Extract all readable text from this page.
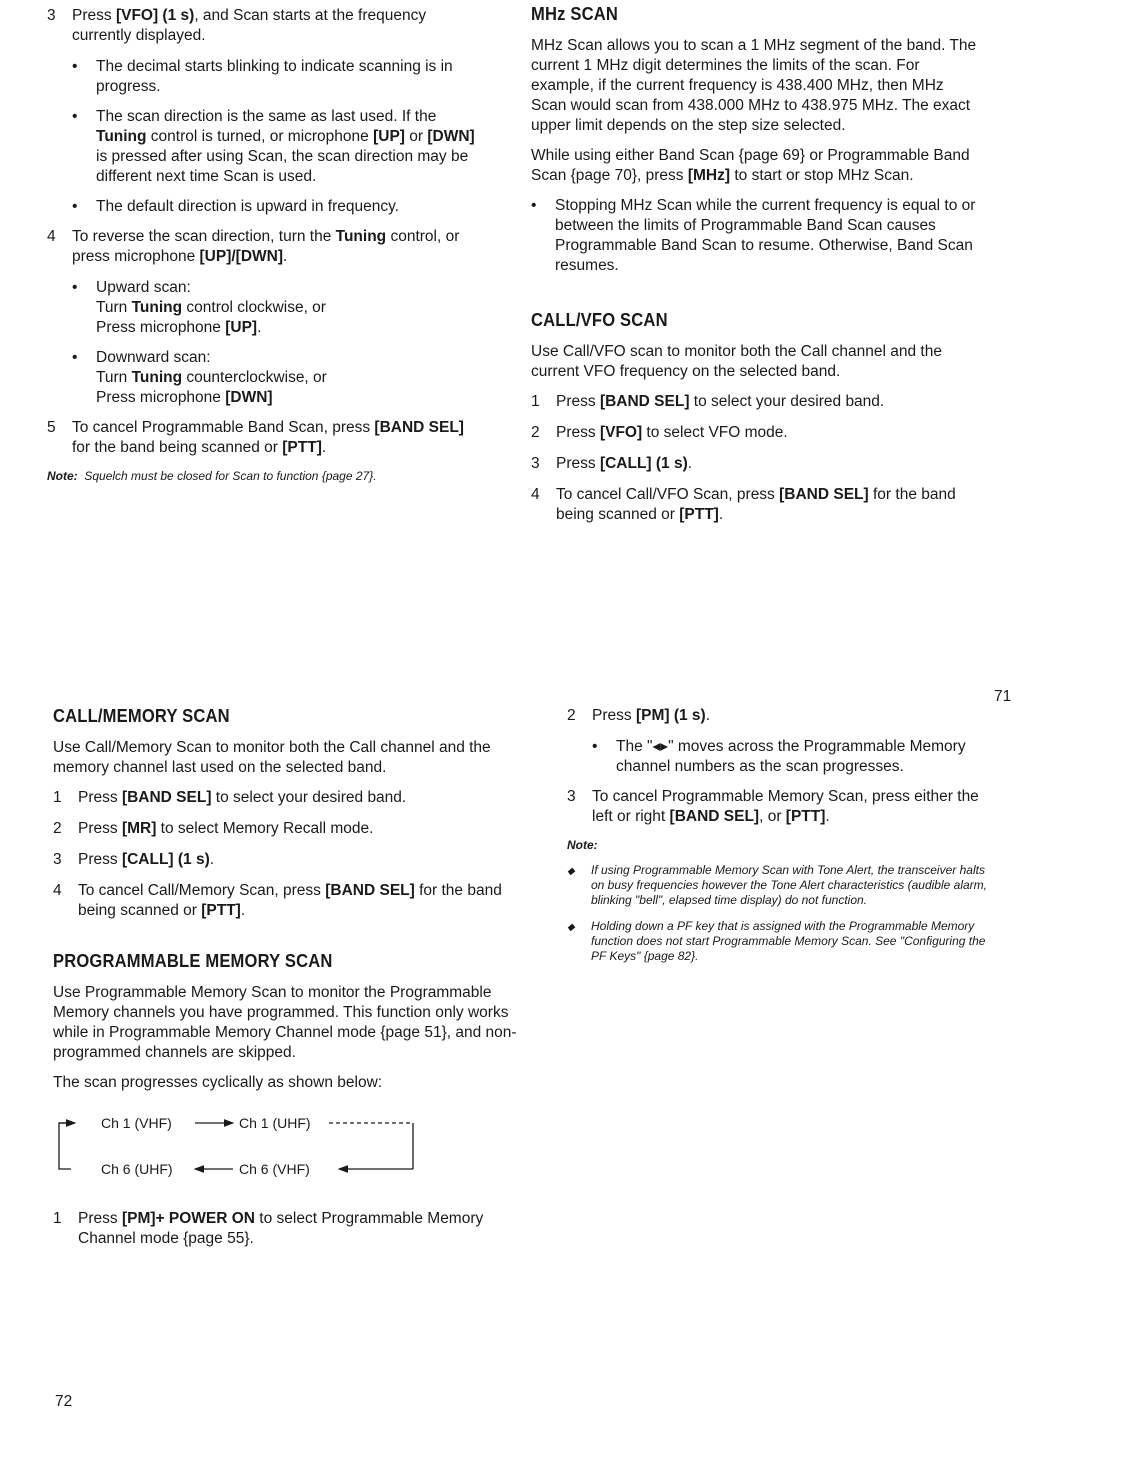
3	Press [VFO] (1 s), and Scan starts at the frequency currently displayed.
•	The decimal starts blinking to indicate scanning is in progress.
•	The scan direction is the same as last used. If the Tuning control is turned, or microphone [UP] or [DWN] is pressed after using Scan, the scan direction may be different next time Scan is used.
•	The default direction is upward in frequency.
4	To reverse the scan direction, turn the Tuning control, or press microphone [UP]/[DWN].
•	Upward scan:
Turn Tuning control clockwise, or
Press microphone [UP].
•	Downward scan:
Turn Tuning counterclockwise, or
Press microphone [DWN]
5	To cancel Programmable Band Scan, press [BAND SEL] for the band being scanned or [PTT].
Note: Squelch must be closed for Scan to function {page 27}.
MHz SCAN

MHz Scan allows you to scan a 1 MHz segment of the band. The current 1 MHz digit determines the limits of the scan. For example, if the current frequency is 438.400 MHz, then MHz Scan would scan from 438.000 MHz to 438.975 MHz. The exact upper limit depends on the step size selected.

While using either Band Scan {page 69} or Programmable Band Scan {page 70}, press [MHz] to start or stop MHz Scan.

•	Stopping MHz Scan while the current frequency is equal to or between the limits of Programmable Band Scan causes Programmable Band Scan to resume. Otherwise, Band Scan resumes.
CALL/VFO SCAN

Use Call/VFO scan to monitor both the Call channel and the current VFO frequency on the selected band.

1	Press [BAND SEL] to select your desired band.
2	Press [VFO] to select VFO mode.
3	Press [CALL] (1 s).
4	To cancel Call/VFO Scan, press [BAND SEL] for the band being scanned or [PTT].
71
CALL/MEMORY SCAN

Use Call/Memory Scan to monitor both the Call channel and the memory channel last used on the selected band.

1	Press [BAND SEL] to select your desired band.
2	Press [MR] to select Memory Recall mode.
3	Press [CALL] (1 s).
4	To cancel Call/Memory Scan, press [BAND SEL] for the band being scanned or [PTT].
PROGRAMMABLE MEMORY SCAN

Use Programmable Memory Scan to monitor the Programmable Memory channels you have programmed. This function only works while in Programmable Memory Channel mode {page 51}, and non-programmed channels are skipped.

The scan progresses cyclically as shown below:

Ch 1 (VHF)	Ch 1 (UHF)
Ch 6 (VHF)
Ch 6 (UHF)
1	Press [PM]+ POWER ON to select Programmable Memory Channel mode {page 55}.
2	Press [PM] (1 s).
•	The "◂▸" moves across the Programmable Memory channel numbers as the scan progresses.
3	To cancel Programmable Memory Scan, press either the left or right [BAND SEL], or [PTT].
Note:
◆	If using Programmable Memory Scan with Tone Alert, the transceiver halts on busy frequencies however the Tone Alert characteristics (audible alarm, blinking "bell", elapsed time display) do not function.
◆	Holding down a PF key that is assigned with the Programmable Memory function does not start Programmable Memory Scan. See "Configuring the PF Keys" {page 82}.
72
